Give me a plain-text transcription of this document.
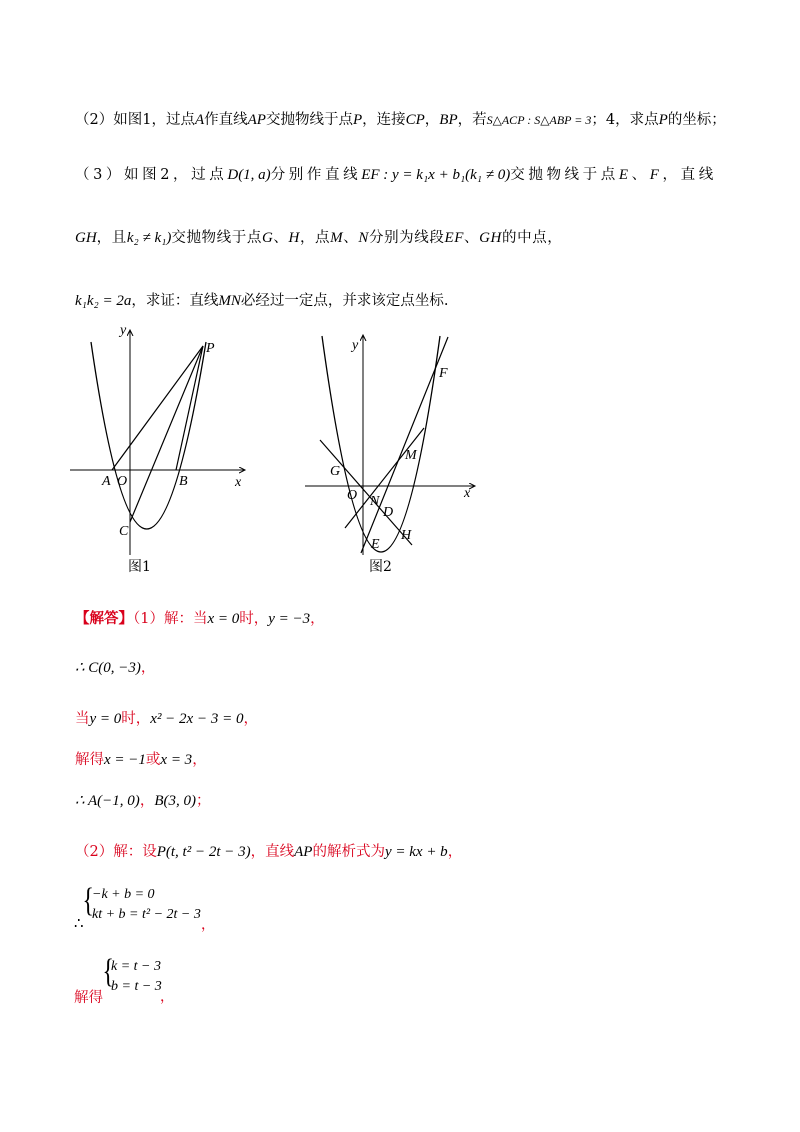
（2）如图1，过点A作直线AP交抛物线于点P，连接CP，BP，若S△ACP : S△ABP = 3；4，求点P的坐标；
（3）如图2，过点D(1, a)分别作直线EF : y = k₁x + b₁(k₁ ≠ 0)交抛物线于点E、F，直线
GH，且k₂ ≠ k₁)交抛物线于点G、H，点M、N分别为线段EF、GH的中点，
k₁k₂ = 2a，求证：直线MN必经过一定点，并求该定点坐标.
y
x
A O	B
C
P
图1
y
x
G
O N
D
E
H
M
F
图2
【解答】（1）解：当x = 0时，y = −3，
∴ C(0, −3)，
当y = 0时，x² − 2x − 3 = 0，
解得x = −1或x = 3，
∴ A(−1, 0)，B(3, 0)；
（2）解：设P(t, t² − 2t − 3)，直线AP的解析式为y = kx + b，
∴
{
−k + b = 0
kt + b = t² − 2t − 3
，
解得
{
k = t − 3
b = t − 3
，
